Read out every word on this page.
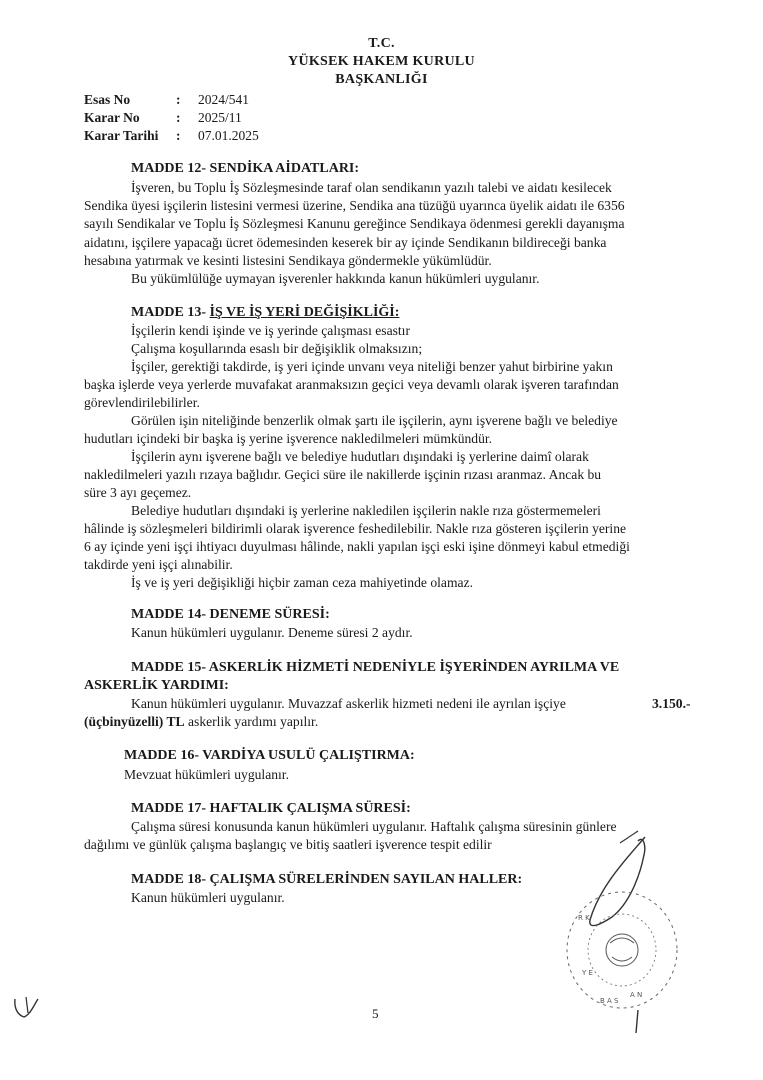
T.C.
YÜKSEK HAKEM KURULU
BAŞKANLIĞI
Esas No	:	2024/541
Karar No	:	2025/11
Karar Tarihi	:	07.01.2025
MADDE 12- SENDİKA AİDATLARI:
İşveren, bu Toplu İş Sözleşmesinde taraf olan sendikanın yazılı talebi ve aidatı kesilecek
Sendika üyesi işçilerin listesini vermesi üzerine, Sendika ana tüzüğü uyarınca üyelik aidatı ile 6356
sayılı Sendikalar ve Toplu İş Sözleşmesi Kanunu gereğince Sendikaya ödenmesi gerekli dayanışma
aidatını, işçilere yapacağı ücret ödemesinden keserek bir ay içinde Sendikanın bildireceği banka
hesabına yatırmak ve kesinti listesini Sendikaya göndermekle yükümlüdür.
Bu yükümlülüğe uymayan işverenler hakkında kanun hükümleri uygulanır.
MADDE 13- İŞ VE İŞ YERİ DEĞİŞİKLİĞİ:
İşçilerin kendi işinde ve iş yerinde çalışması esastır
Çalışma koşullarında esaslı bir değişiklik olmaksızın;
İşçiler, gerektiği takdirde, iş yeri içinde unvanı veya niteliği benzer yahut birbirine yakın
başka işlerde veya yerlerde muvafakat aranmaksızın geçici veya devamlı olarak işveren tarafından
görevlendirilebilirler.
Görülen işin niteliğinde benzerlik olmak şartı ile işçilerin, aynı işverene bağlı ve belediye
hudutları içindeki bir başka iş yerine işverence nakledilmeleri mümkündür.
İşçilerin aynı işverene bağlı ve belediye hudutları dışındaki iş yerlerine daimî olarak
nakledilmeleri yazılı rızaya bağlıdır. Geçici süre ile nakillerde işçinin rızası aranmaz. Ancak bu
süre 3 ayı geçemez.
Belediye hudutları dışındaki iş yerlerine nakledilen işçilerin nakle rıza göstermemeleri
hâlinde iş sözleşmeleri bildirimli olarak işverence feshedilebilir. Nakle rıza gösteren işçilerin yerine
6 ay içinde yeni işçi ihtiyacı duyulması hâlinde, nakli yapılan işçi eski işine dönmeyi kabul etmediği
takdirde yeni işçi alınabilir.
İş ve iş yeri değişikliği hiçbir zaman ceza mahiyetinde olamaz.
MADDE 14- DENEME SÜRESİ:
Kanun hükümleri uygulanır. Deneme süresi 2 aydır.
MADDE 15- ASKERLİK HİZMETİ NEDENİYLE İŞYERİNDEN AYRILMA VE
ASKERLİK YARDIMI:
Kanun hükümleri uygulanır. Muvazzaf askerlik hizmeti nedeni ile ayrılan işçiye	3.150.-
(üçbinyüzelli) TL askerlik yardımı yapılır.
MADDE 16- VARDİYA USULÜ ÇALIŞTIRMA:
Mevzuat hükümleri uygulanır.
MADDE 17- HAFTALIK ÇALIŞMA SÜRESİ:
Çalışma süresi konusunda kanun hükümleri uygulanır. Haftalık çalışma süresinin günlere
dağılımı ve günlük çalışma başlangıç ve bitiş saatleri işverence tespit edilir
MADDE 18- ÇALIŞMA SÜRELERİNDEN SAYILAN HALLER:
Kanun hükümleri uygulanır.
R K
Y E
A N
B A S
5
